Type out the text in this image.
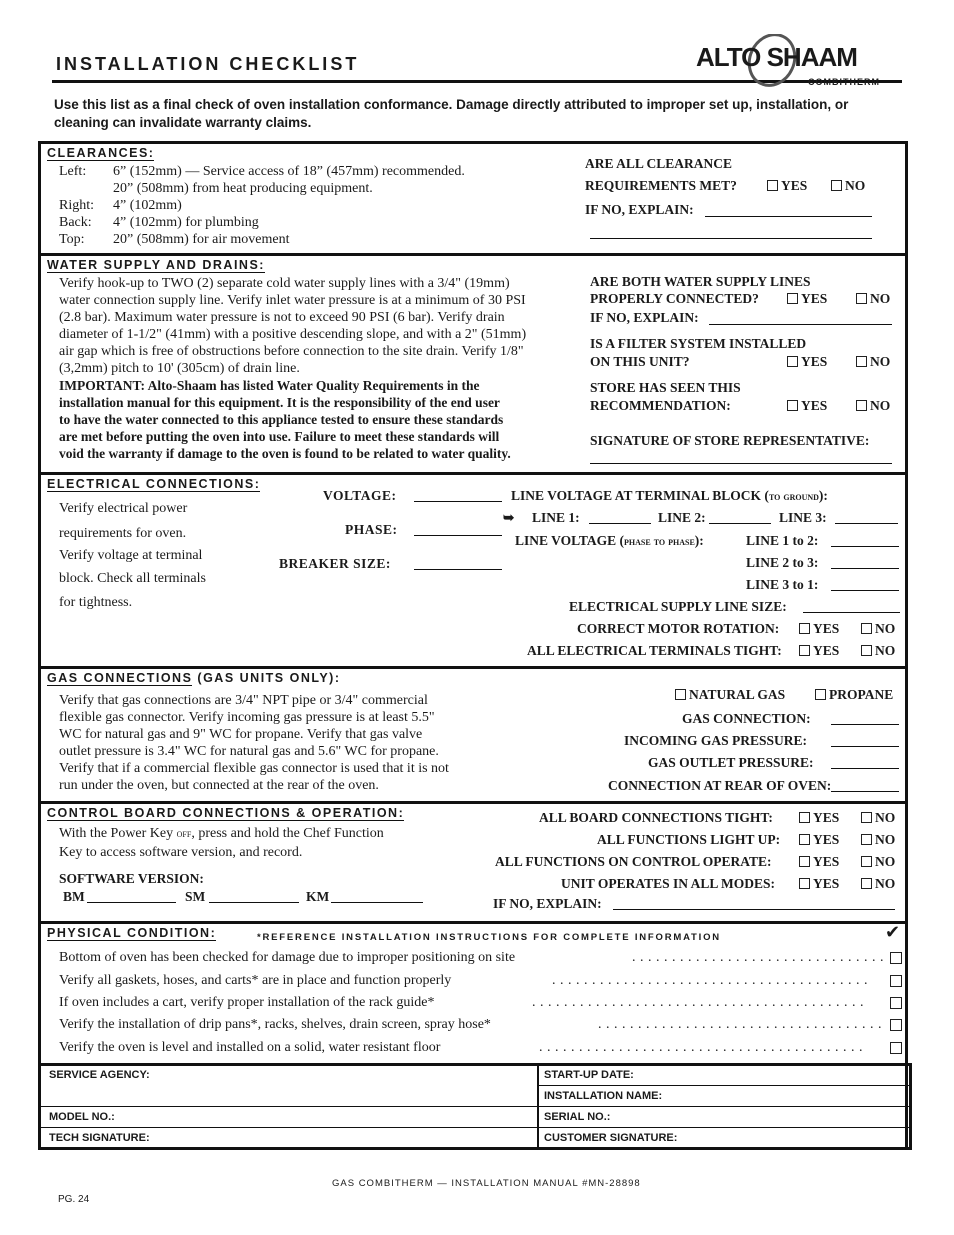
INSTALLATION CHECKLIST	ALTO SHAAM
COMBITHERM
Use this list as a final check of oven installation conformance. Damage directly attributed to improper set up, installation, or cleaning can invalidate warranty claims.
CLEARANCES:
Left: 6” (152mm) — Service access of 18” (457mm) recommended.
20” (508mm) from heat producing equipment.
Right: 4” (102mm)
Back: 4” (102mm) for plumbing
Top: 20” (508mm) for air movement
ARE ALL CLEARANCE
REQUIREMENTS MET?	YES	NO
IF NO, EXPLAIN:
WATER SUPPLY AND DRAINS:
Verify hook-up to TWO (2) separate cold water supply lines with a 3/4" (19mm)
water connection supply line. Verify inlet water pressure is at a minimum of 30 PSI
(2.8 bar). Maximum water pressure is not to exceed 90 PSI (6 bar). Verify drain
diameter of 1-1/2" (41mm) with a positive descending slope, and with a 2" (51mm)
air gap which is free of obstructions before connection to the site drain. Verify 1/8"
(3,2mm) pitch to 10' (305cm) of drain line.
IMPORTANT: Alto-Shaam has listed Water Quality Requirements in the
installation manual for this equipment. It is the responsibility of the end user
to have the water connected to this appliance tested to ensure these standards
are met before putting the oven into use. Failure to meet these standards will
void the warranty if damage to the oven is found to be related to water quality.
ARE BOTH WATER SUPPLY LINES
PROPERLY CONNECTED?	YES	NO
IF NO, EXPLAIN:
IS A FILTER SYSTEM INSTALLED
ON THIS UNIT?	YES	NO
STORE HAS SEEN THIS
RECOMMENDATION:	YES	NO
SIGNATURE OF STORE REPRESENTATIVE:
ELECTRICAL CONNECTIONS:
Verify electrical power
requirements for oven.
Verify voltage at terminal
block. Check all terminals
for tightness.
VOLTAGE:
PHASE:
BREAKER SIZE:
LINE VOLTAGE AT TERMINAL BLOCK (to ground):
➥ LINE 1:	LINE 2:	LINE 3:
LINE VOLTAGE (phase to phase):	LINE 1 to 2:
LINE 2 to 3:
LINE 3 to 1:
ELECTRICAL SUPPLY LINE SIZE:
CORRECT MOTOR ROTATION:	YES	NO
ALL ELECTRICAL TERMINALS TIGHT:	YES	NO
GAS CONNECTIONS (GAS UNITS ONLY):
Verify that gas connections are 3/4" NPT pipe or 3/4" commercial
flexible gas connector. Verify incoming gas pressure is at least 5.5"
WC for natural gas and 9" WC for propane. Verify that gas valve
outlet pressure is 3.4" WC for natural gas and 5.6" WC for propane.
Verify that if a commercial flexible gas connector is used that it is not
run under the oven, but connected at the rear of the oven.
NATURAL GAS	PROPANE
GAS CONNECTION:
INCOMING GAS PRESSURE:
GAS OUTLET PRESSURE:
CONNECTION AT REAR OF OVEN:
CONTROL BOARD CONNECTIONS & OPERATION:
With the Power Key off, press and hold the Chef Function
Key to access software version, and record.
SOFTWARE VERSION:
BM	SM	KM
ALL BOARD CONNECTIONS TIGHT:	YES	NO
ALL FUNCTIONS LIGHT UP:	YES	NO
ALL FUNCTIONS ON CONTROL OPERATE:	YES	NO
UNIT OPERATES IN ALL MODES:	YES	NO
IF NO, EXPLAIN:
PHYSICAL CONDITION:	*REFERENCE INSTALLATION INSTRUCTIONS FOR COMPLETE INFORMATION	✔
Bottom of oven has been checked for damage due to improper positioning on site	. . . . . . . . . . . . . . . . . . . . . . . . . . . . . . . .
Verify all gaskets, hoses, and carts* are in place and function properly	. . . . . . . . . . . . . . . . . . . . . . . . . . . . . . . . . . . . . . . .
If oven includes a cart, verify proper installation of the rack guide*	. . . . . . . . . . . . . . . . . . . . . . . . . . . . . . . . . . . . . . . . . .
Verify the installation of drip pans*, racks, shelves, drain screen, spray hose*	. . . . . . . . . . . . . . . . . . . . . . . . . . . . . . . . . . . .
Verify the oven is level and installed on a solid, water resistant floor	. . . . . . . . . . . . . . . . . . . . . . . . . . . . . . . . . . . . . . . . .
SERVICE AGENCY:	START-UP DATE:
INSTALLATION NAME:
MODEL NO.:	SERIAL NO.:
TECH SIGNATURE:	CUSTOMER SIGNATURE:
GAS COMBITHERM — INSTALLATION MANUAL #MN-28898
PG. 24
